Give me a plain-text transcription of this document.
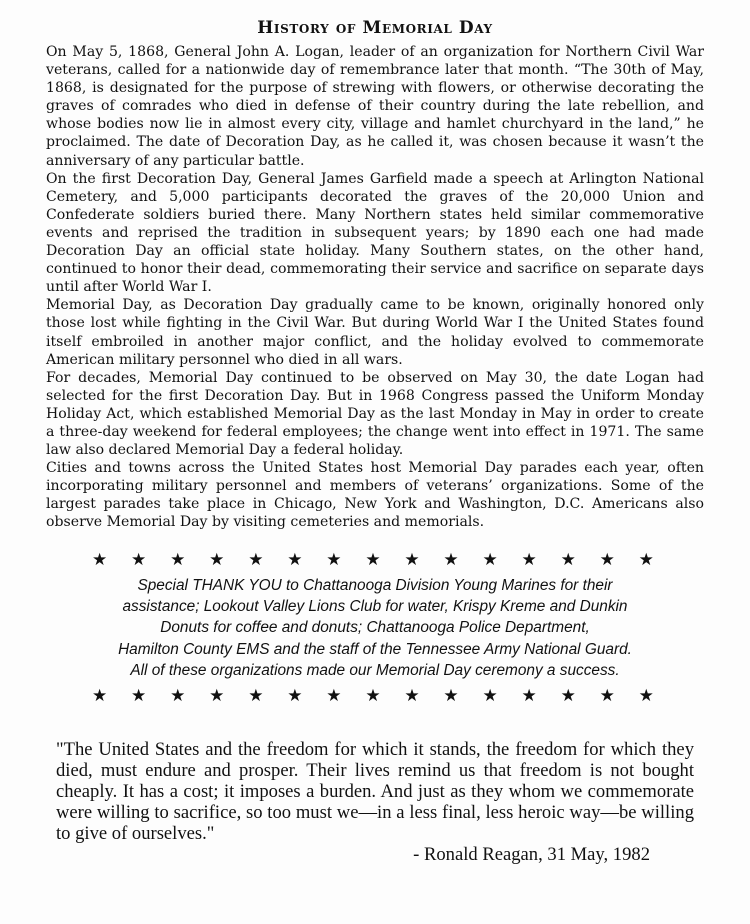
History of Memorial Day

On May 5, 1868, General John A. Logan, leader of an organization for Northern Civil War veterans, called for a nationwide day of remembrance later that month. “The 30th of May, 1868, is designated for the purpose of strewing with flowers, or otherwise decorating the graves of comrades who died in defense of their country during the late rebellion, and whose bodies now lie in almost every city, village and hamlet churchyard in the land,” he proclaimed. The date of Decoration Day, as he called it, was chosen because it wasn’t the anniversary of any particular battle.

On the first Decoration Day, General James Garfield made a speech at Arlington National Cemetery, and 5,000 participants decorated the graves of the 20,000 Union and Confederate soldiers buried there. Many Northern states held similar commemorative events and reprised the tradition in subsequent years; by 1890 each one had made Decoration Day an official state holiday. Many Southern states, on the other hand, continued to honor their dead, commemorating their service and sacrifice on separate days until after World War I.

Memorial Day, as Decoration Day gradually came to be known, originally honored only those lost while fighting in the Civil War. But during World War I the United States found itself embroiled in another major conflict, and the holiday evolved to commemorate American military personnel who died in all wars.

For decades, Memorial Day continued to be observed on May 30, the date Logan had selected for the first Decoration Day. But in 1968 Congress passed the Uniform Monday Holiday Act, which established Memorial Day as the last Monday in May in order to create a three-day weekend for federal employees; the change went into effect in 1971. The same law also declared Memorial Day a federal holiday.

Cities and towns across the United States host Memorial Day parades each year, often incorporating military personnel and members of veterans’ organizations. Some of the largest parades take place in Chicago, New York and Washington, D.C. Americans also observe Memorial Day by visiting cemeteries and memorials.

★ ★ ★ ★ ★ ★ ★ ★ ★ ★ ★ ★ ★ ★ ★
Special THANK YOU to Chattanooga Division Young Marines for their
assistance; Lookout Valley Lions Club for water, Krispy Kreme and Dunkin
Donuts for coffee and donuts; Chattanooga Police Department,
Hamilton County EMS and the staff of the Tennessee Army National Guard.
All of these organizations made our Memorial Day ceremony a success.
★ ★ ★ ★ ★ ★ ★ ★ ★ ★ ★ ★ ★ ★ ★
"The United States and the freedom for which it stands, the freedom for which they died, must endure and prosper. Their lives remind us that freedom is not bought cheaply. It has a cost; it imposes a burden. And just as they whom we commemorate were willing to sacrifice, so too must we—in a less final, less heroic way—be willing to give of ourselves."
- Ronald Reagan, 31 May, 1982
